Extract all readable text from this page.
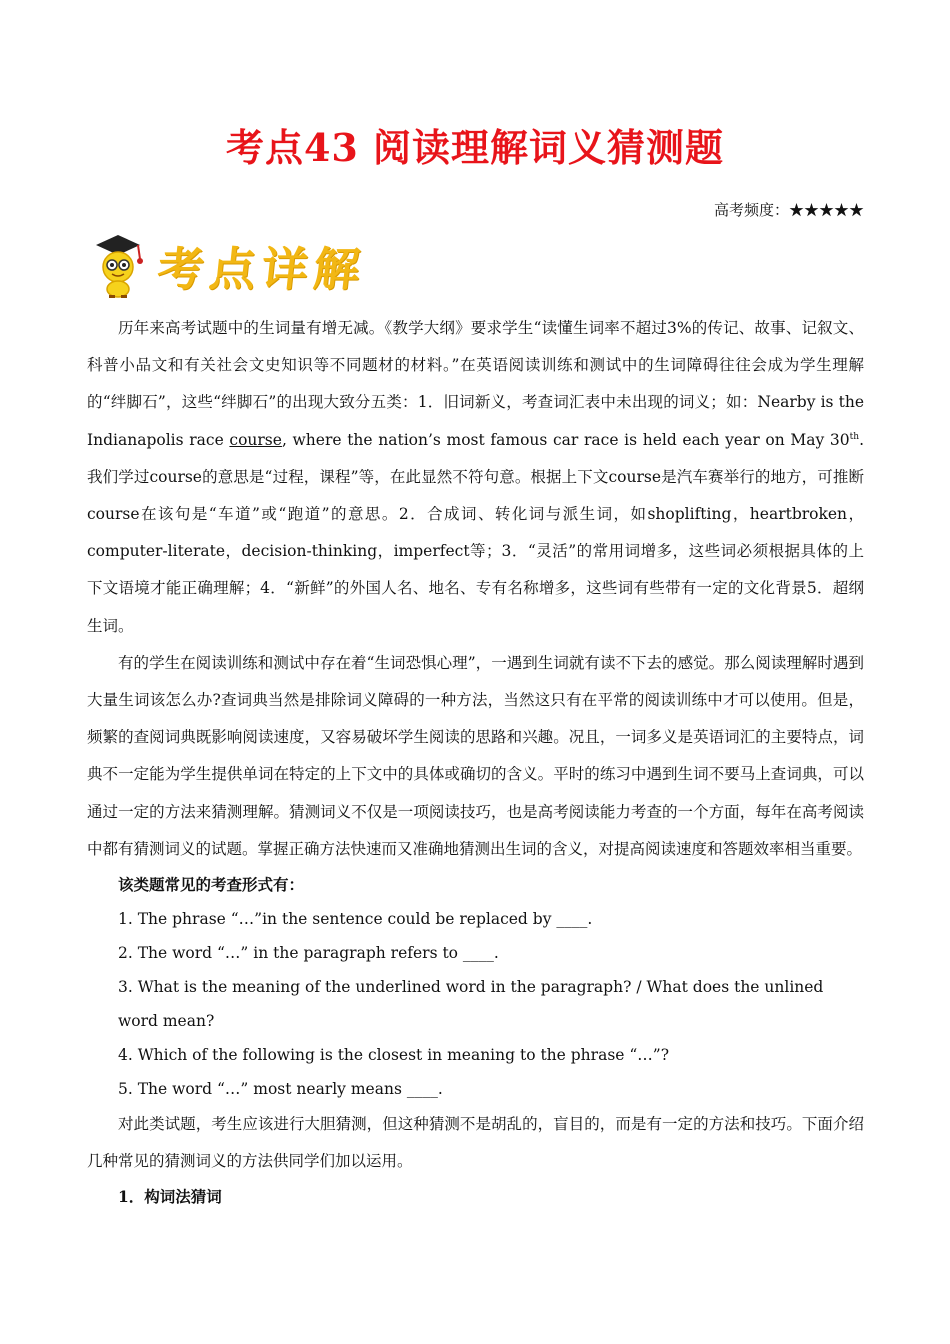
考点43 阅读理解词义猜测题
高考频度：★★★★★
考点详解

历年来高考试题中的生词量有增无减。《教学大纲》要求学生“读懂生词率不超过3%的传记、故事、记叙文、科普小品文和有关社会文史知识等不同题材的材料。”在英语阅读训练和测试中的生词障碍往往会成为学生理解的“绊脚石”，这些“绊脚石”的出现大致分五类：1．旧词新义，考查词汇表中未出现的词义；如：Nearby is the Indianapolis race course, where the nation’s most famous car race is held each year on May 30th.我们学过course的意思是“过程，课程”等，在此显然不符句意。根据上下文course是汽车赛举行的地方，可推断course在该句是“车道”或“跑道”的意思。2．合成词、转化词与派生词，如shoplifting，heartbroken，computer-literate，decision-thinking，imperfect等；3．“灵活”的常用词增多，这些词必须根据具体的上下文语境才能正确理解；4．“新鲜”的外国人名、地名、专有名称增多，这些词有些带有一定的文化背景5．超纲生词。

有的学生在阅读训练和测试中存在着“生词恐惧心理”，一遇到生词就有读不下去的感觉。那么阅读理解时遇到大量生词该怎么办?查词典当然是排除词义障碍的一种方法，当然这只有在平常的阅读训练中才可以使用。但是，频繁的查阅词典既影响阅读速度，又容易破坏学生阅读的思路和兴趣。况且，一词多义是英语词汇的主要特点，词典不一定能为学生提供单词在特定的上下文中的具体或确切的含义。平时的练习中遇到生词不要马上查词典，可以通过一定的方法来猜测理解。猜测词义不仅是一项阅读技巧，也是高考阅读能力考查的一个方面，每年在高考阅读中都有猜测词义的试题。掌握正确方法快速而又准确地猜测出生词的含义，对提高阅读速度和答题效率相当重要。

该类题常见的考查形式有：

1. The phrase “…”in the sentence could be replaced by ____.

2. The word “…” in the paragraph refers to ____.

3. What is the meaning of the underlined word in the paragraph? / What does the unlined word mean?

4. Which of the following is the closest in meaning to the phrase “…”?

5. The word “…” most nearly means ____.

对此类试题，考生应该进行大胆猜测，但这种猜测不是胡乱的，盲目的，而是有一定的方法和技巧。下面介绍几种常见的猜测词义的方法供同学们加以运用。

1．构词法猜词
